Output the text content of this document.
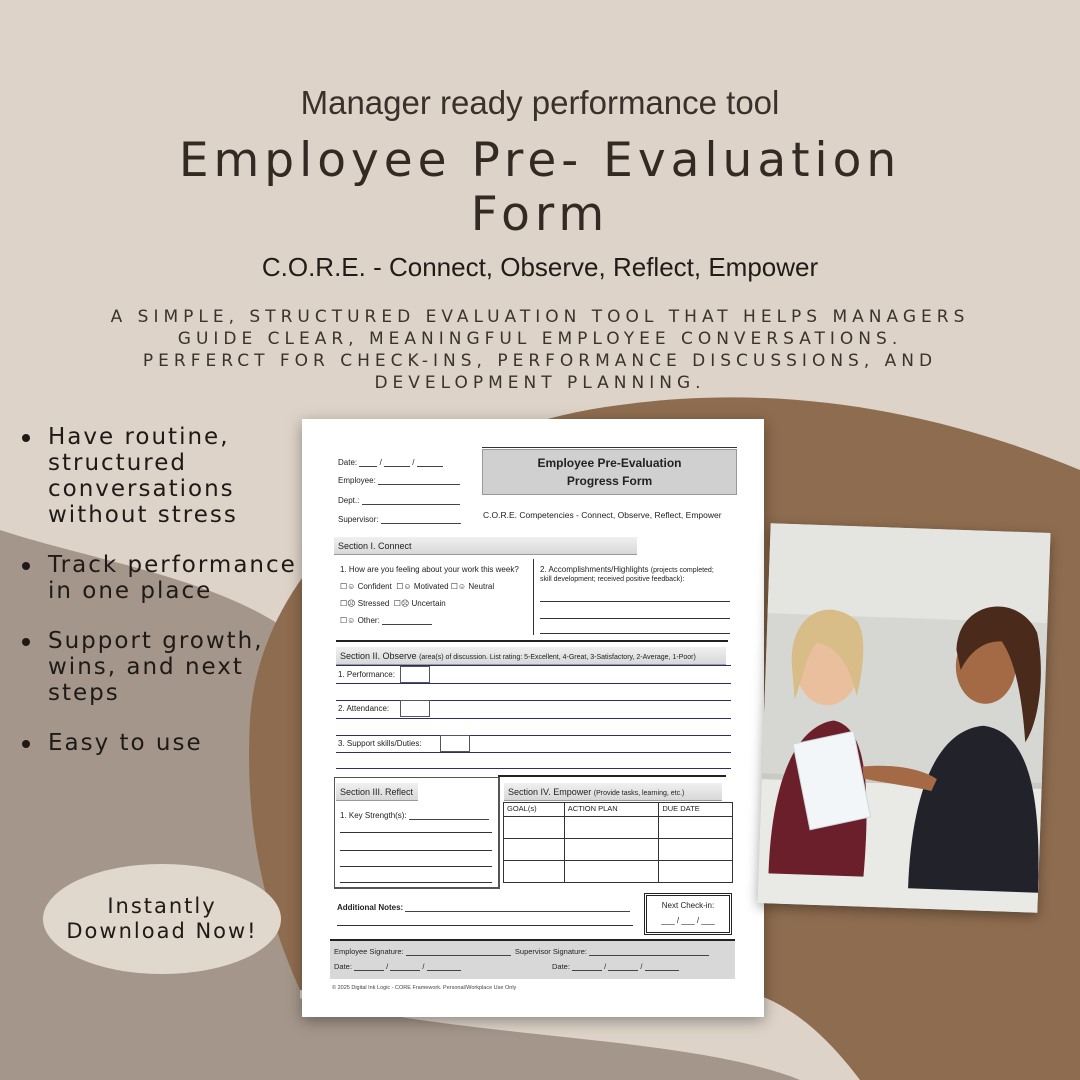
Manager ready performance tool
Employee Pre- Evaluation Form
C.O.R.E. - Connect, Observe, Reflect, Empower
A SIMPLE, STRUCTURED EVALUATION TOOL THAT HELPS MANAGERS GUIDE CLEAR, MEANINGFUL EMPLOYEE CONVERSATIONS. PERFERCT FOR CHECK-INS, PERFORMANCE DISCUSSIONS, AND DEVELOPMENT PLANNING.
Have routine, structured conversations without stress
Track performance in one place
Support growth, wins, and next steps
Easy to use
Instantly Download Now!
Date:	/	/
Employee:
Dept.:
Supervisor:
Employee Pre-Evaluation
Progress Form
C.O.R.E. Competencies - Connect, Observe, Reflect, Empower
Section I. Connect
1. How are you feeling about your work this week?
☐☺ Confident  ☐☺ Motivated ☐☺ Neutral
☐☹ Stressed  ☐☹ Uncertain
☐☺ Other:
2. Accomplishments/Highlights (projects completed;
skill development; received positive feedback):
Section II. Observe (area(s) of discussion. List rating: 5-Excellent, 4-Great, 3-Satisfactory, 2-Average, 1-Poor)
1. Performance:
2. Attendance:
3. Support skills/Duties:
Section III. Reflect
1. Key Strength(s):
Section IV. Empower (Provide tasks, learning, etc.)
GOAL(s)	ACTION PLAN	DUE DATE

Additional Notes:	Next Check-in:
___ / ___ / ___
Employee Signature:	Supervisor Signature:
Date:	/	/	Date:	/	/
© 2025 Digital Ink Logic - CORE Framework. Personal/Workplace Use Only
